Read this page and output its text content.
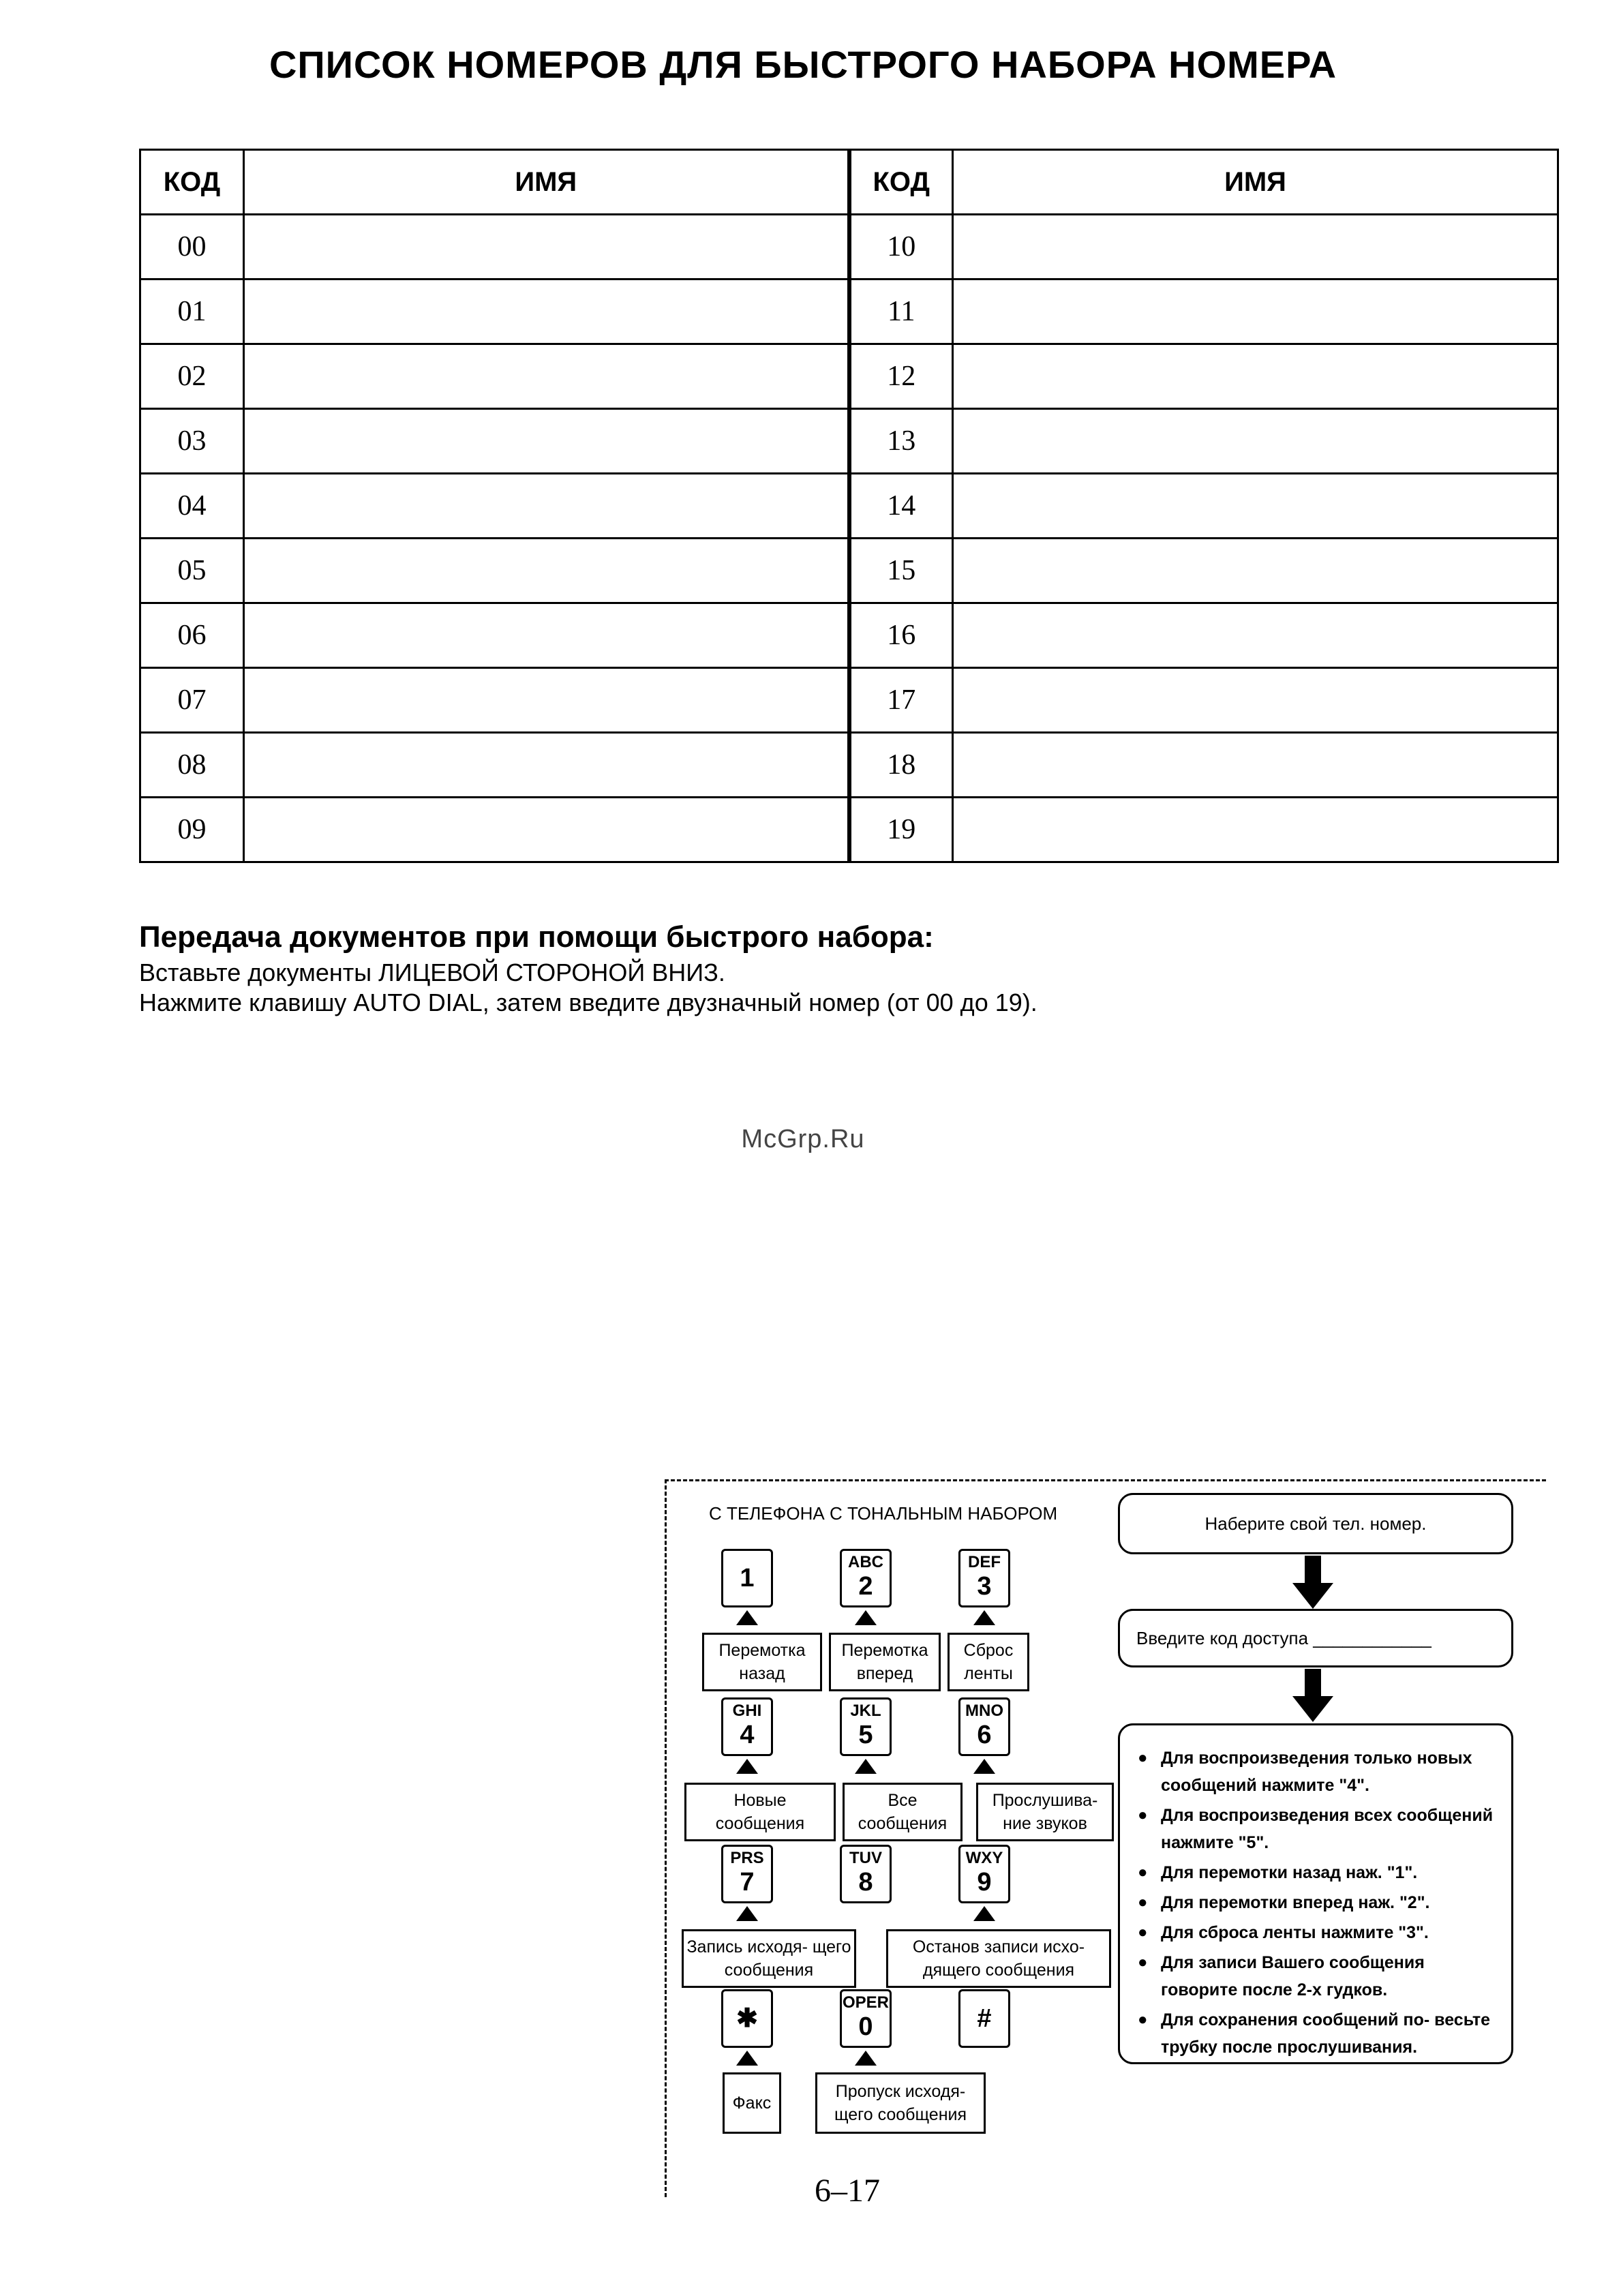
СПИСОК НОМЕРОВ ДЛЯ БЫСТРОГО НАБОРА НОМЕРА
КОД	ИМЯ	КОД	ИМЯ
00		10	
01		11	
02		12	
03		13	
04		14	
05		15	
06		16	
07		17	
08		18	
09		19	
Передача документов при помощи быстрого набора:
Вставьте документы ЛИЦЕВОЙ СТОРОНОЙ ВНИЗ.
Нажмите клавишу AUTO DIAL, затем введите двузначный номер (от 00 до 19).
McGrp.Ru
С ТЕЛЕФОНА С ТОНАЛЬНЫМ НАБОРОМ
1
ABC
2
DEF
3
GHI
4
JKL
5
MNO
6
PRS
7
TUV
8
WXY
9
✱
OPER
0	#
Перемотка назад
Перемотка вперед
Сброс ленты
Новые сообщения
Все сообщения
Прослушива- ние звуков
Запись исходя- щего сообщения
Останов записи исхо- дящего сообщения
Факс
Пропуск исходя- щего сообщения
Наберите свой тел. номер.
Введите код доступа ____________
● Для воспроизведения только новых сообщений нажмите "4".
● Для воспроизведения всех сообщений нажмите "5".
● Для перемотки назад наж. "1".
● Для перемотки вперед наж. "2".
● Для сброса ленты нажмите "3".
● Для записи Вашего сообщения говорите после 2-х гудков.
● Для сохранения сообщений по- весьте трубку после прослушивания.
6–17
